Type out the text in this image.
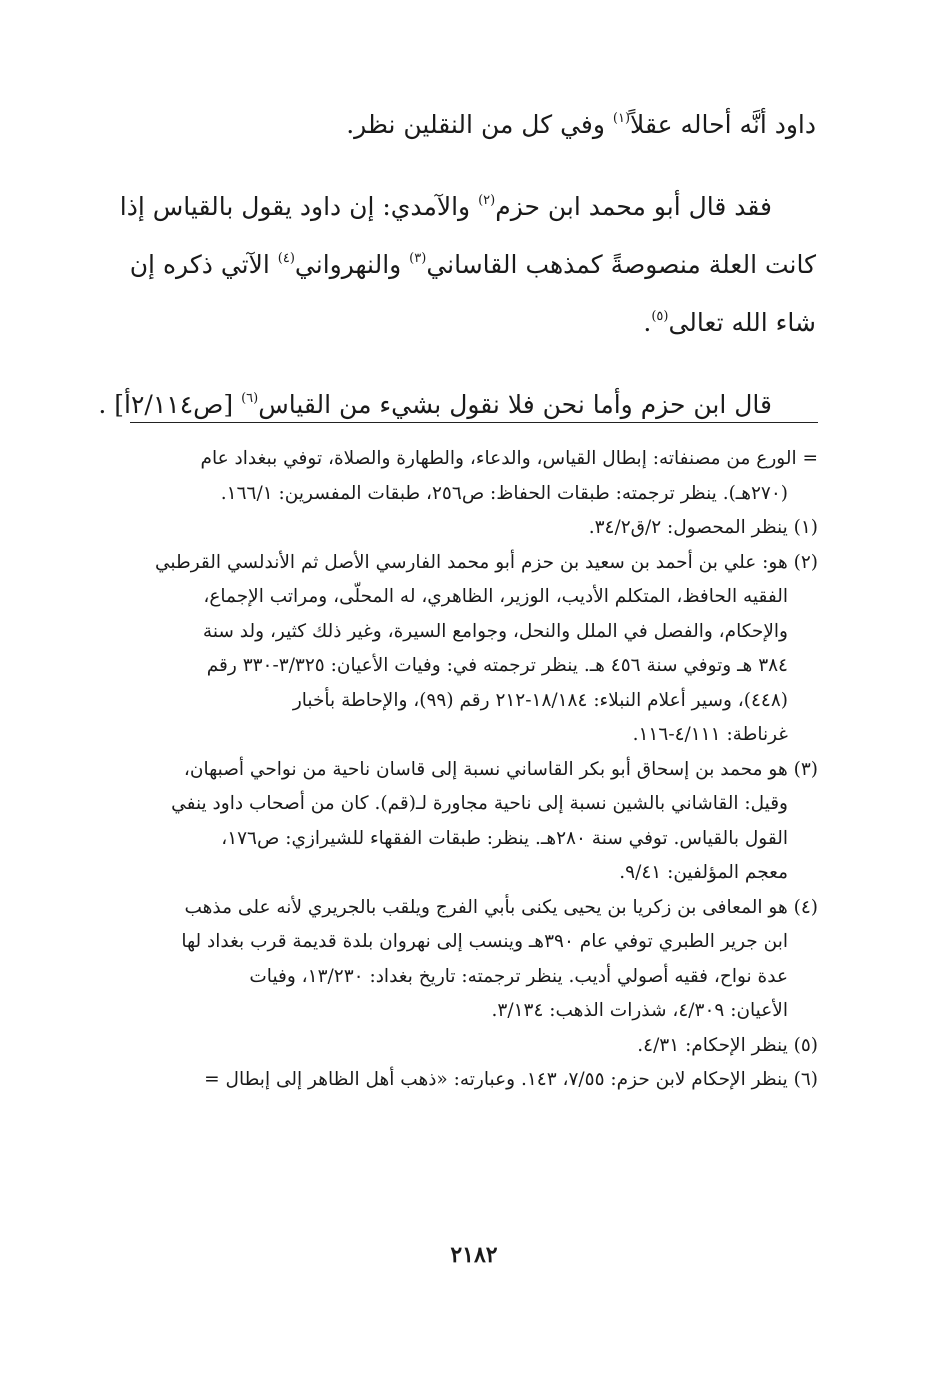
داود أنَّه أحاله عقلاً$^{(١)}$ وفي كل من النقلين نظر.

فقد قال أبو محمد ابن حزم$^{(٢)}$ والآمدي: إن داود يقول بالقياس إذا
كانت العلة منصوصةً كمذهب القاساني$^{(٣)}$ والنهرواني$^{(٤)}$ الآتي ذكره إن
شاء الله تعالى$^{(٥)}$.

قال ابن حزم وأما نحن فلا نقول بشيء من القياس$^{(٦)}$ [ص٢/١١٤أ] .

= الورع من مصنفاته: إبطال القياس، والدعاء، والطهارة والصلاة، توفي ببغداد عام
(٢٧٠هـ). ينظر ترجمته: طبقات الحفاظ: ص٢٥٦، طبقات المفسرين: ١٦٦/١.
(١) ينظر المحصول: ٢/ق٣٤/٢.
(٢) هو: علي بن أحمد بن سعيد بن حزم أبو محمد الفارسي الأصل ثم الأندلسي القرطبي
الفقيه الحافظ، المتكلم الأديب، الوزير، الظاهري، له المحلّى، ومراتب الإجماع،
والإحكام، والفصل في الملل والنحل، وجوامع السيرة، وغير ذلك كثير، ولد سنة
٣٨٤ هـ وتوفي سنة ٤٥٦ هـ. ينظر ترجمته في: وفيات الأعيان: ٣/٣٢٥-٣٣٠ رقم
(٤٤٨)، وسير أعلام النبلاء: ١٨/١٨٤-٢١٢ رقم (٩٩)، والإحاطة بأخبار
غرناطة: ٤/١١١-١١٦.
(٣) هو محمد بن إسحاق أبو بكر القاساني نسبة إلى قاسان ناحية من نواحي أصبهان،
وقيل: القاشاني بالشين نسبة إلى ناحية مجاورة لـ(قم). كان من أصحاب داود ينفي
القول بالقياس. توفي سنة ٢٨٠هـ. ينظر: طبقات الفقهاء للشيرازي: ص١٧٦،
معجم المؤلفين: ٩/٤١.
(٤) هو المعافى بن زكريا بن يحيى يكنى بأبي الفرج ويلقب بالجريري لأنه على مذهب
ابن جرير الطبري توفي عام ٣٩٠هـ وينسب إلى نهروان بلدة قديمة قرب بغداد لها
عدة نواح، فقيه أصولي أديب. ينظر ترجمته: تاريخ بغداد: ١٣/٢٣٠، وفيات
الأعيان: ٤/٣٠٩، شذرات الذهب: ٣/١٣٤.
(٥) ينظر الإحكام: ٤/٣١.
(٦) ينظر الإحكام لابن حزم: ٧/٥٥، ١٤٣. وعبارته: «ذهب أهل الظاهر إلى إبطال =
٢١٨٢
